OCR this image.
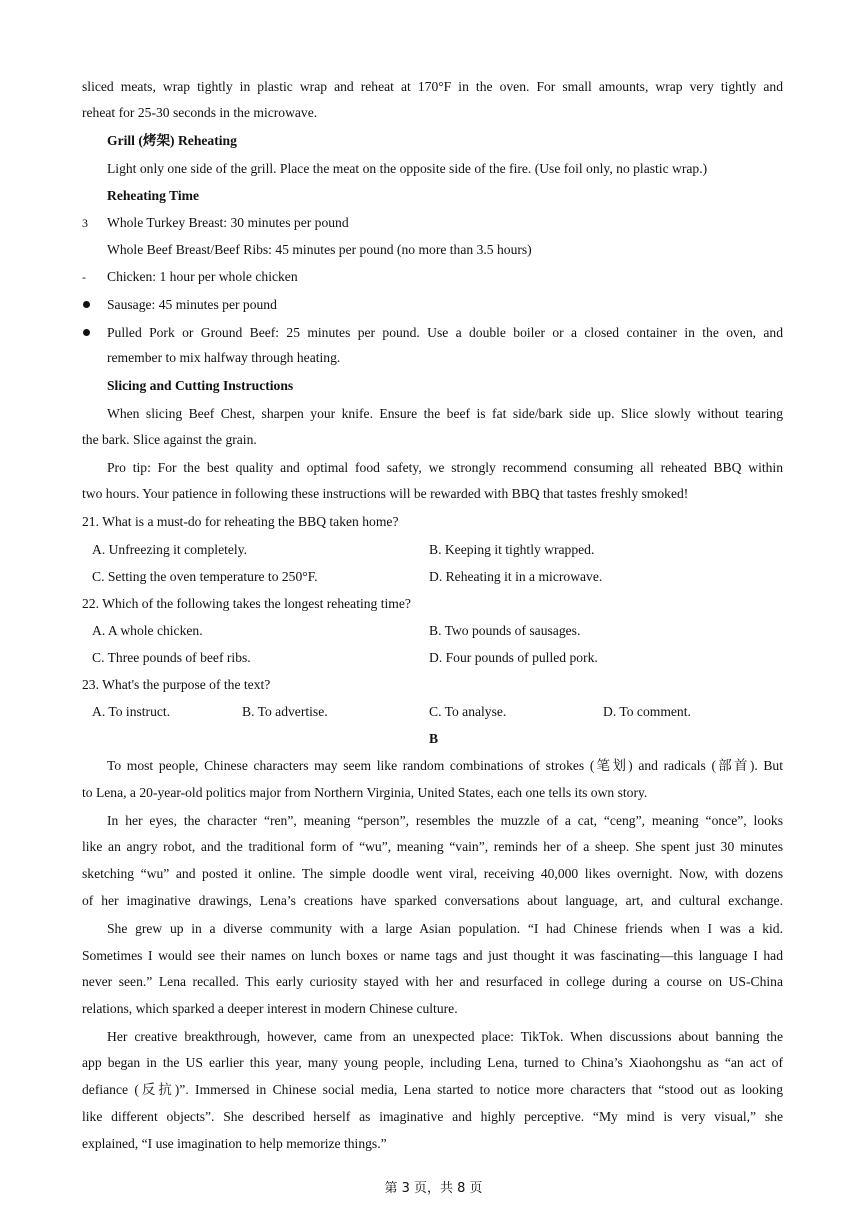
sliced meats, wrap tightly in plastic wrap and reheat at 170°F in the oven. For small amounts, wrap very tightly and
reheat for 25-30 seconds in the microwave.
Grill (烤架) Reheating
Light only one side of the grill. Place the meat on the opposite side of the fire. (Use foil only, no plastic wrap.)
Reheating Time
3 Whole Turkey Breast: 30 minutes per pound
Whole Beef Breast/Beef Ribs: 45 minutes per pound (no more than 3.5 hours)
- Chicken: 1 hour per whole chicken
Sausage: 45 minutes per pound
Pulled Pork or Ground Beef: 25 minutes per pound. Use a double boiler or a closed container in the oven, and
remember to mix halfway through heating.
Slicing and Cutting Instructions
When slicing Beef Chest, sharpen your knife. Ensure the beef is fat side/bark side up. Slice slowly without tearing
the bark. Slice against the grain.
Pro tip: For the best quality and optimal food safety, we strongly recommend consuming all reheated BBQ within
two hours. Your patience in following these instructions will be rewarded with BBQ that tastes freshly smoked!
21. What is a must-do for reheating the BBQ taken home?
A. Unfreezing it completely.	B. Keeping it tightly wrapped.
C. Setting the oven temperature to 250°F.	D. Reheating it in a microwave.
22. Which of the following takes the longest reheating time?
A. A whole chicken.	B. Two pounds of sausages.
C. Three pounds of beef ribs.	D. Four pounds of pulled pork.
23. What's the purpose of the text?
A. To instruct.	B. To advertise.	C. To analyse.	D. To comment.
B
To most people, Chinese characters may seem like random combinations of strokes (笔划) and radicals (部首). But
to Lena, a 20-year-old politics major from Northern Virginia, United States, each one tells its own story.
In her eyes, the character “ren”, meaning “person”, resembles the muzzle of a cat, “ceng”, meaning “once”, looks
like an angry robot, and the traditional form of “wu”, meaning “vain”, reminds her of a sheep. She spent just 30 minutes
sketching “wu” and posted it online. The simple doodle went viral, receiving 40,000 likes overnight. Now, with dozens
of her imaginative drawings, Lena’s creations have sparked conversations about language, art, and cultural exchange.
She grew up in a diverse community with a large Asian population. “I had Chinese friends when I was a kid.
Sometimes I would see their names on lunch boxes or name tags and just thought it was fascinating—this language I had
never seen.” Lena recalled. This early curiosity stayed with her and resurfaced in college during a course on US-China
relations, which sparked a deeper interest in modern Chinese culture.
Her creative breakthrough, however, came from an unexpected place: TikTok. When discussions about banning the
app began in the US earlier this year, many young people, including Lena, turned to China’s Xiaohongshu as “an act of
defiance (反抗)”. Immersed in Chinese social media, Lena started to notice more characters that “stood out as looking
like different objects”. She described herself as imaginative and highly perceptive. “My mind is very visual,” she
explained, “I use imagination to help memorize things.”
第 3 页，共 8 页
